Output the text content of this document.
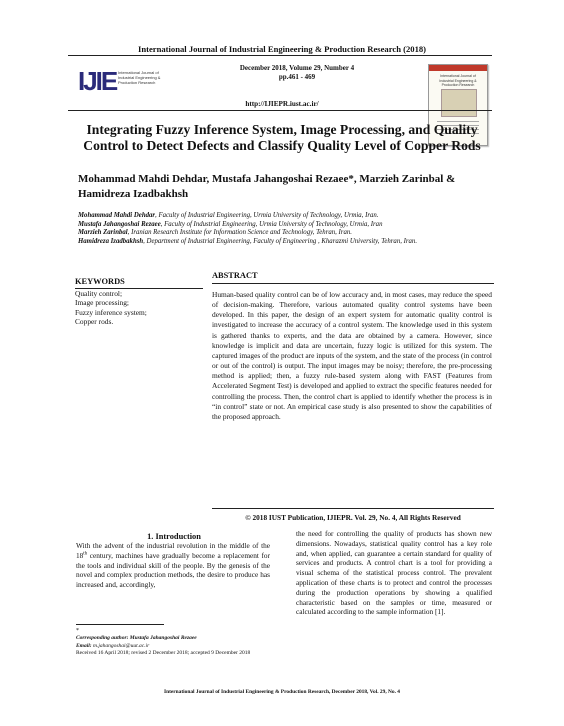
International Journal of Industrial Engineering & Production Research (2018)
IJIE International Journal of Industrial Engineering & Production Research
December 2018, Volume 29, Number 4
pp.461 - 469
http://IJIEPR.iust.ac.ir/
International Journal of Industrial Engineering & Production Research
Integrating Fuzzy Inference System, Image Processing, and Quality Control to Detect Defects and Classify Quality Level of Copper Rods
Mohammad Mahdi Dehdar, Mustafa Jahangoshai Rezaee*, Marzieh Zarinbal & Hamidreza Izadbakhsh

Mohammad Mahdi Dehdar, Faculty of Industrial Engineering, Urmia University of Technology, Urmia, Iran.

Mustafa Jahangoshai Rezaee, Faculty of Industrial Engineering, Urmia University of Technology, Urmia, Iran

Marzieh Zarinbal, Iranian Research Institute for Information Science and Technology, Tehran, Iran.

Hamidreza Izadbakhsh, Department of Industrial Engineering, Faculty of Engineering , Kharazmi University, Tehran, Iran.

KEYWORDS
Quality control;
Image processing;
Fuzzy inference system;
Copper rods.
ABSTRACT
Human-based quality control can be of low accuracy and, in most cases, may reduce the speed of decision-making. Therefore, various automated quality control systems have been developed. In this paper, the design of an expert system for automatic quality control is investigated to increase the accuracy of a control system. The knowledge used in this system is gathered thanks to experts, and the data are obtained by a camera. However, since knowledge is implicit and data are uncertain, fuzzy logic is utilized for this system. The captured images of the product are inputs of the system, and the state of the process (in control or out of the control) is output. The input images may be noisy; therefore, the pre-processing method is applied; then, a fuzzy rule-based system along with FAST (Features from Accelerated Segment Test) is developed and applied to extract the specific features needed for controlling the process. Then, the control chart is applied to identify whether the process is in “in control” state or not. An empirical case study is also presented to show the capabilities of the proposed approach.
© 2018 IUST Publication, IJIEPR. Vol. 29, No. 4, All Rights Reserved
1. Introduction
With the advent of the industrial revolution in the middle of the 18th century, machines have gradually become a replacement for the tools and individual skill of the people. By the genesis of the novel and complex production methods, the desire to produce has increased and, accordingly,
the need for controlling the quality of products has shown new dimensions. Nowadays, statistical quality control has a key role and, when applied, can guarantee a certain standard for quality of services and products. A control chart is a tool for providing a visual schema of the statistical process control. The prevalent application of these charts is to protect and control the processes during the production operations by showing a qualified characteristic based on the samples or time, measured or calculated according to the sample information [1].
*
Corresponding author: Mustafa Jahangoshai Rezaee
Email: m.jahangoshai@uut.ac.ir
Received 16 April 2018; revised 2 December 2018; accepted 9 December 2018
International Journal of Industrial Engineering & Production Research, December 2018, Vol. 29, No. 4
